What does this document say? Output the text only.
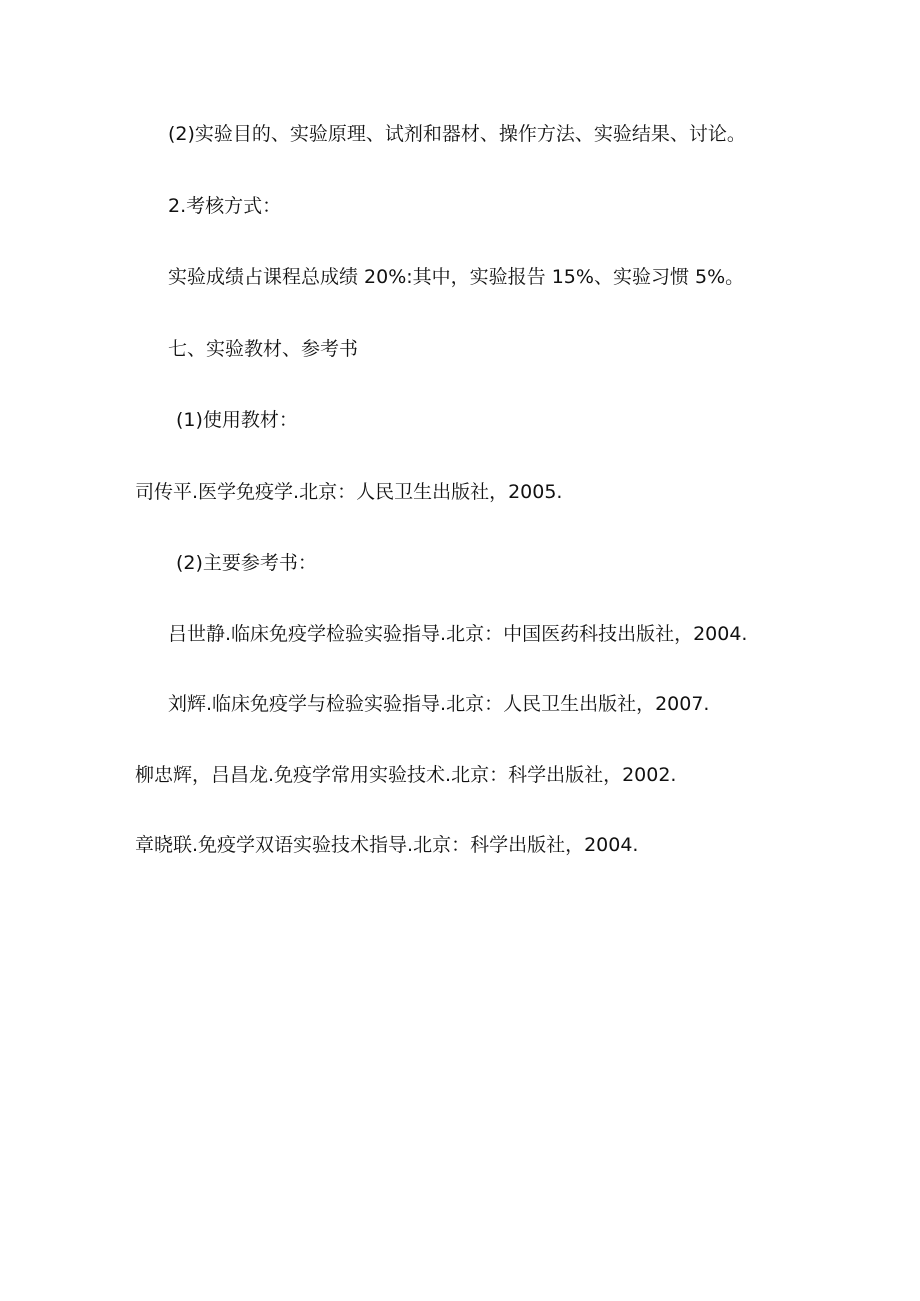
(2)实验目的、实验原理、试剂和器材、操作方法、实验结果、讨论。
2.考核方式：
实验成绩占课程总成绩 20%:其中，实验报告 15%、实验习惯 5%。
七、实验教材、参考书
(1)使用教材：
司传平.医学免疫学.北京：人民卫生出版社，2005.
(2)主要参考书：
吕世静.临床免疫学检验实验指导.北京：中国医药科技出版社，2004.
刘辉.临床免疫学与检验实验指导.北京：人民卫生出版社，2007.
柳忠辉，吕昌龙.免疫学常用实验技术.北京：科学出版社，2002.
章晓联.免疫学双语实验技术指导.北京：科学出版社，2004.
